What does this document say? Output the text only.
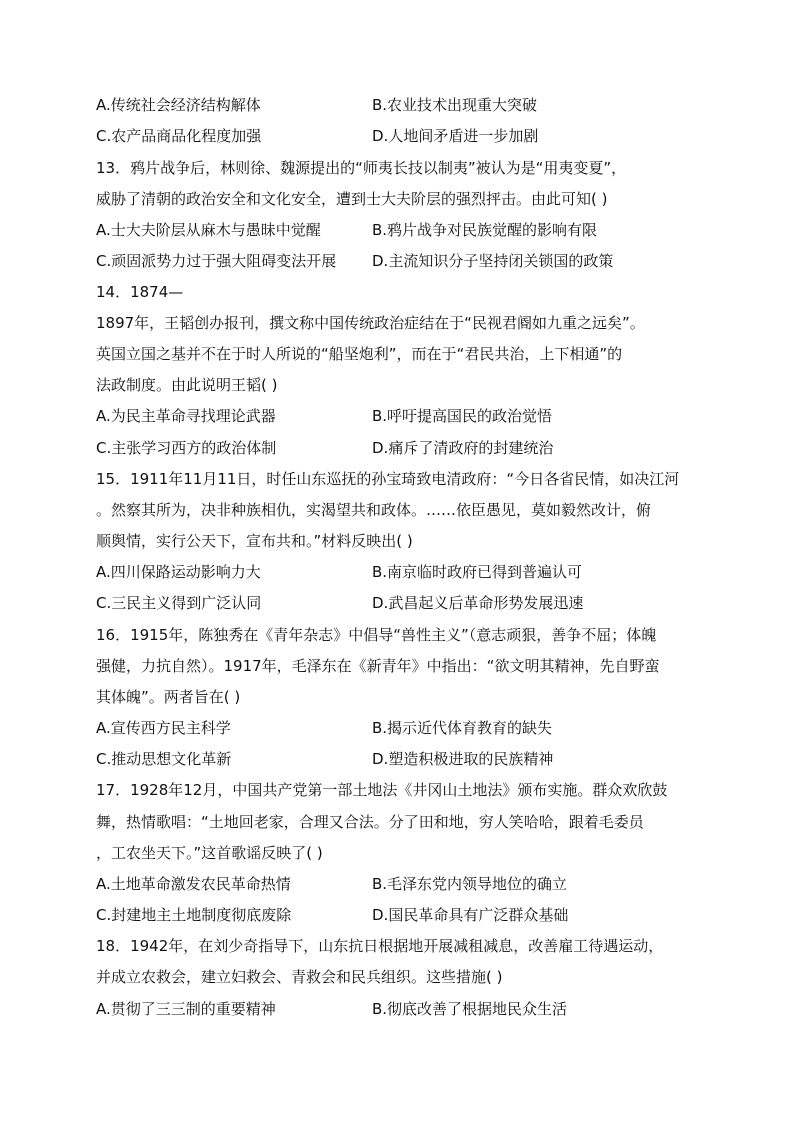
A.传统社会经济结构解体	B.农业技术出现重大突破
C.农产品商品化程度加强	D.人地间矛盾进一步加剧
13．鸦片战争后，林则徐、魏源提出的“师夷长技以制夷”被认为是“用夷变夏”，
威胁了清朝的政治安全和文化安全，遭到士大夫阶层的强烈抨击。由此可知( )
A.士大夫阶层从麻木与愚昧中觉醒	B.鸦片战争对民族觉醒的影响有限
C.顽固派势力过于强大阻碍变法开展 D.主流知识分子坚持闭关锁国的政策
14．1874—
1897年，王韬创办报刊，撰文称中国传统政治症结在于“民视君阍如九重之远矣”。
英国立国之基并不在于时人所说的“船坚炮利”，而在于“君民共治，上下相通”的
法政制度。由此说明王韬( )
A.为民主革命寻找理论武器	B.呼吁提高国民的政治觉悟
C.主张学习西方的政治体制	D.痛斥了清政府的封建统治
15．1911年11月11日，时任山东巡抚的孙宝琦致电清政府：“今日各省民情，如决江河
。然察其所为，决非种族相仇，实渴望共和政体。……依臣愚见，莫如毅然改计，俯
顺舆情，实行公天下，宣布共和。”材料反映出( )
A.四川保路运动影响力大	B.南京临时政府已得到普遍认可
C.三民主义得到广泛认同	D.武昌起义后革命形势发展迅速
16．1915年，陈独秀在《青年杂志》中倡导“兽性主义”（意志顽狠，善争不屈；体魄
强健，力抗自然）。1917年，毛泽东在《新青年》中指出：“欲文明其精神，先自野蛮
其体魄”。两者旨在( )
A.宣传西方民主科学	B.揭示近代体育教育的缺失
C.推动思想文化革新	D.塑造积极进取的民族精神
17．1928年12月，中国共产党第一部土地法《井冈山土地法》颁布实施。群众欢欣鼓
舞，热情歌唱：“土地回老家，合理又合法。分了田和地，穷人笑哈哈，跟着毛委员
，工农坐天下。”这首歌谣反映了( )
A.土地革命激发农民革命热情	B.毛泽东党内领导地位的确立
C.封建地主土地制度彻底废除	D.国民革命具有广泛群众基础
18．1942年，在刘少奇指导下，山东抗日根据地开展减租减息，改善雇工待遇运动，
并成立农救会，建立妇救会、青救会和民兵组织。这些措施( )
A.贯彻了三三制的重要精神	B.彻底改善了根据地民众生活
